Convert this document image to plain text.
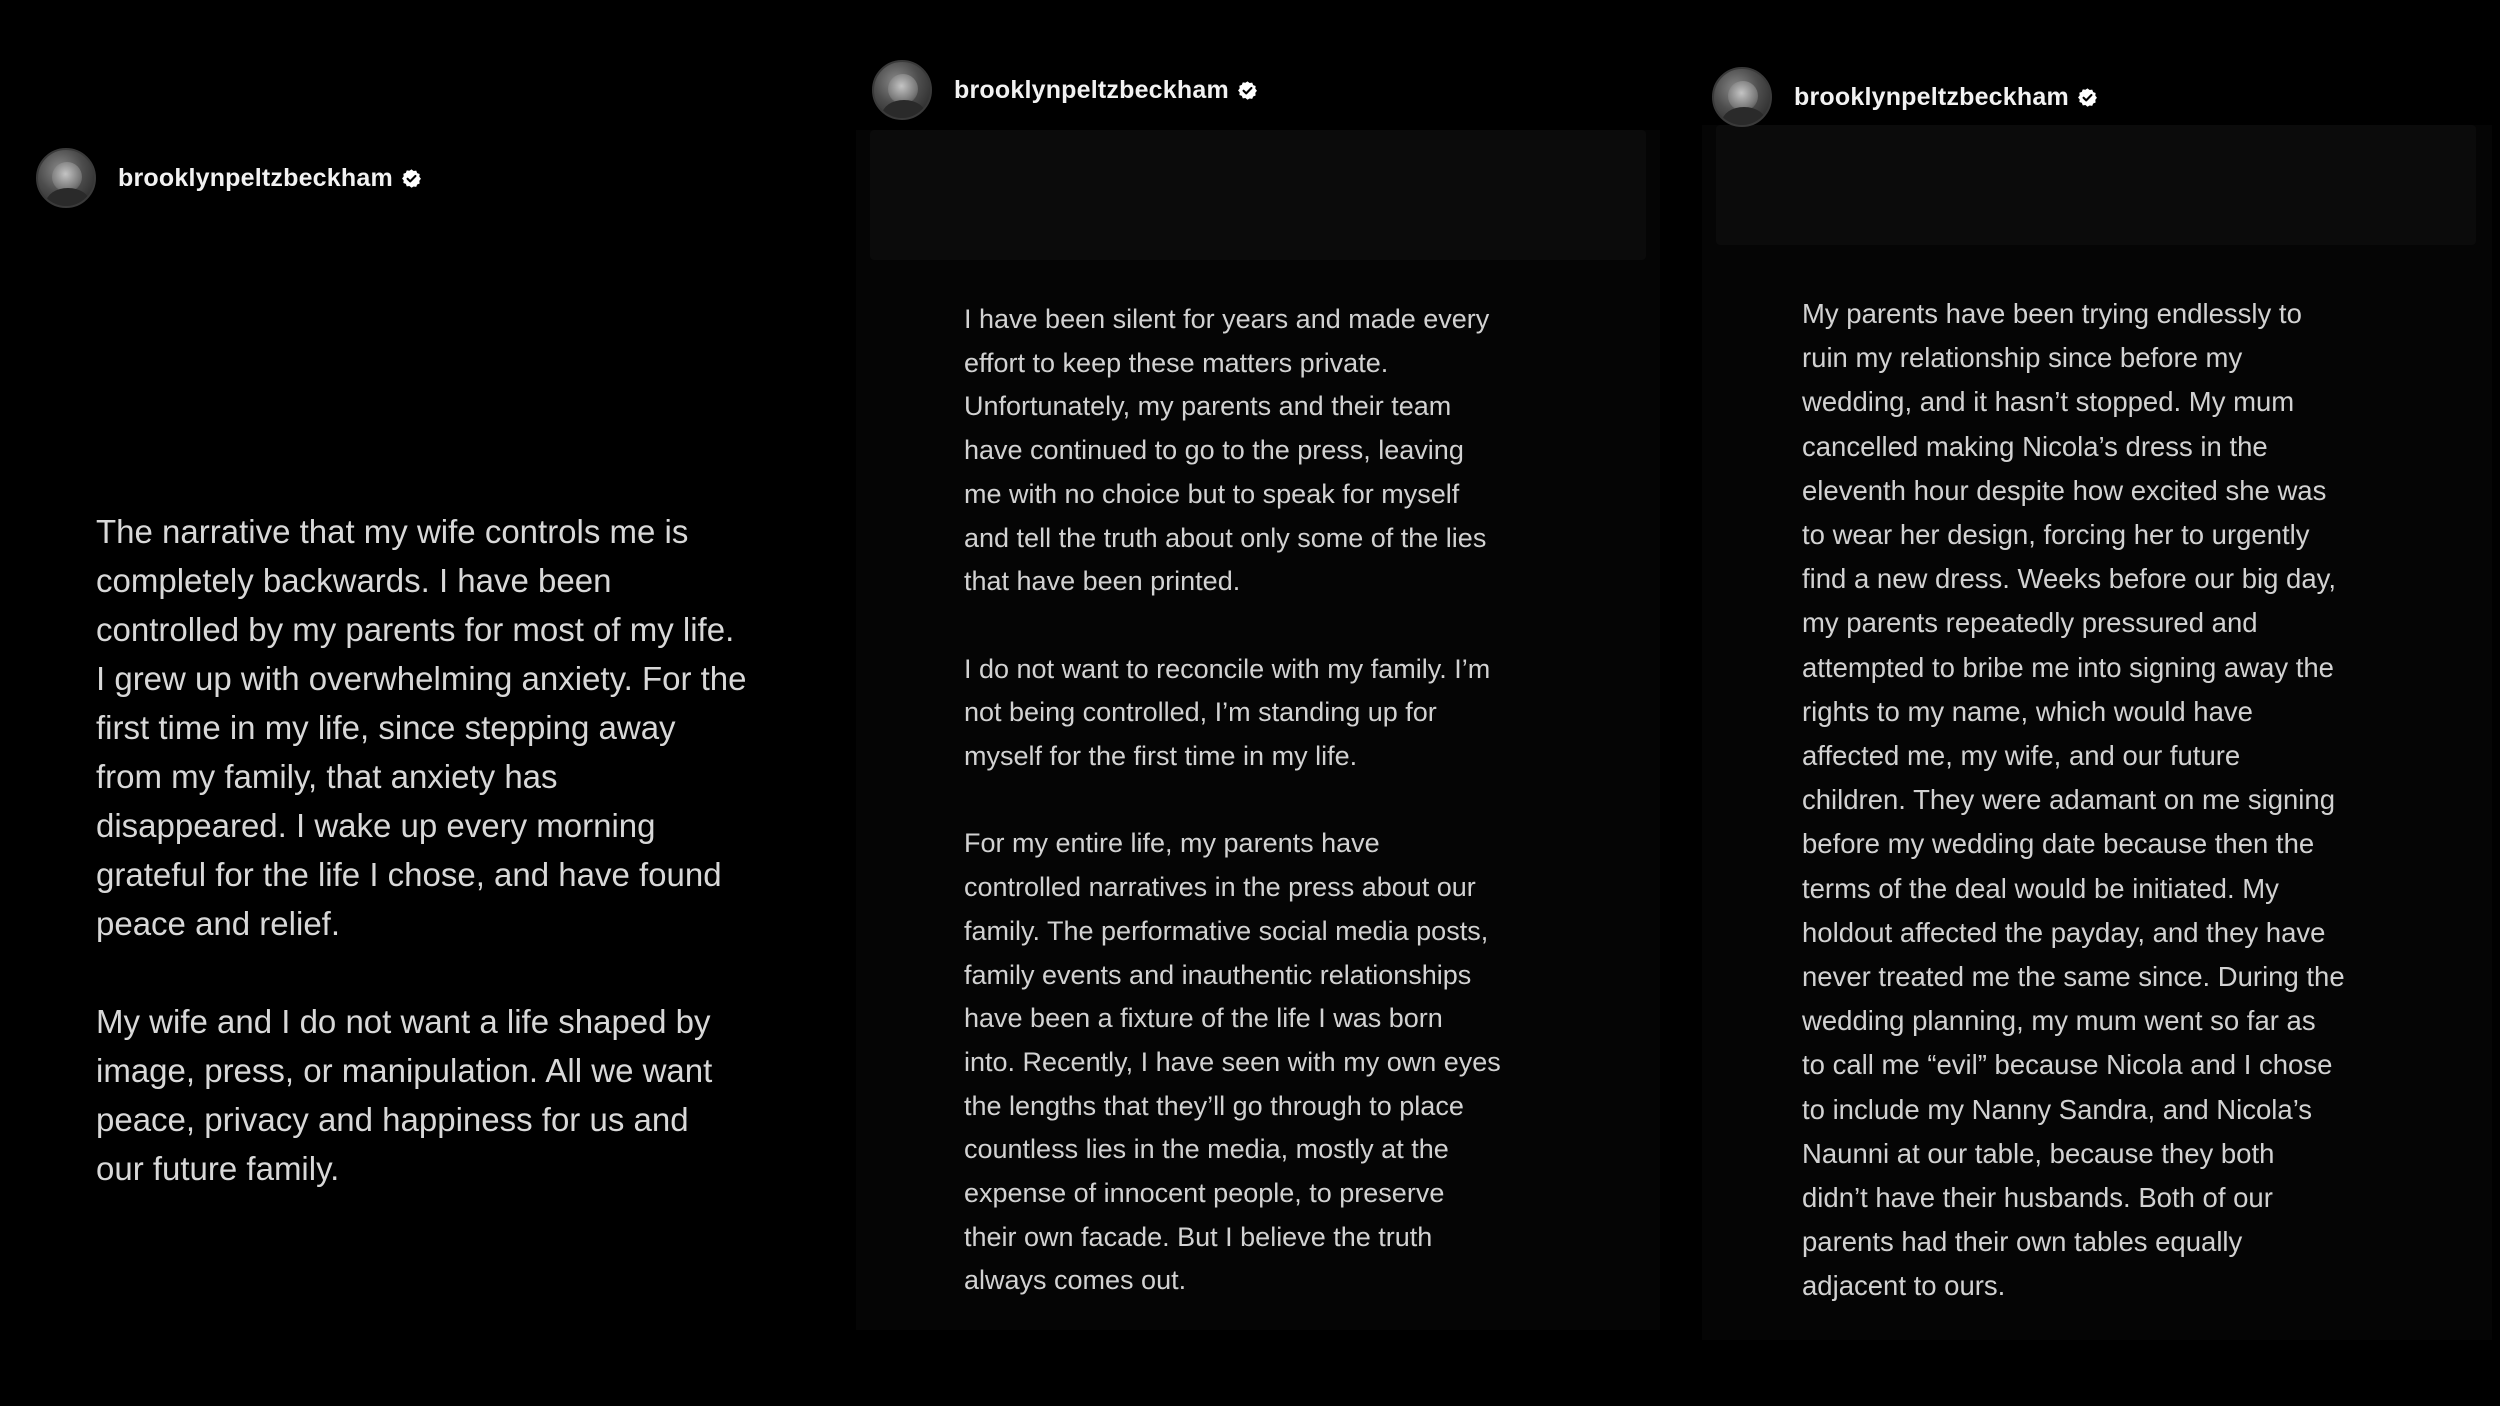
brooklynpeltzbeckham

The narrative that my wife controls me is
completely backwards. I have been
controlled by my parents for most of my life.
I grew up with overwhelming anxiety. For the
first time in my life, since stepping away
from my family, that anxiety has
disappeared. I wake up every morning
grateful for the life I chose, and have found
peace and relief.

My wife and I do not want a life shaped by
image, press, or manipulation. All we want
peace, privacy and happiness for us and
our future family.

brooklynpeltzbeckham

I have been silent for years and made every
effort to keep these matters private.
Unfortunately, my parents and their team
have continued to go to the press, leaving
me with no choice but to speak for myself
and tell the truth about only some of the lies
that have been printed.

I do not want to reconcile with my family. I’m
not being controlled, I’m standing up for
myself for the first time in my life.

For my entire life, my parents have
controlled narratives in the press about our
family. The performative social media posts,
family events and inauthentic relationships
have been a fixture of the life I was born
into. Recently, I have seen with my own eyes
the lengths that they’ll go through to place
countless lies in the media, mostly at the
expense of innocent people, to preserve
their own facade. But I believe the truth
always comes out.

brooklynpeltzbeckham

My parents have been trying endlessly to
ruin my relationship since before my
wedding, and it hasn’t stopped. My mum
cancelled making Nicola’s dress in the
eleventh hour despite how excited she was
to wear her design, forcing her to urgently
find a new dress. Weeks before our big day,
my parents repeatedly pressured and
attempted to bribe me into signing away the
rights to my name, which would have
affected me, my wife, and our future
children. They were adamant on me signing
before my wedding date because then the
terms of the deal would be initiated. My
holdout affected the payday, and they have
never treated me the same since. During the
wedding planning, my mum went so far as
to call me “evil” because Nicola and I chose
to include my Nanny Sandra, and Nicola’s
Naunni at our table, because they both
didn’t have their husbands. Both of our
parents had their own tables equally
adjacent to ours.
